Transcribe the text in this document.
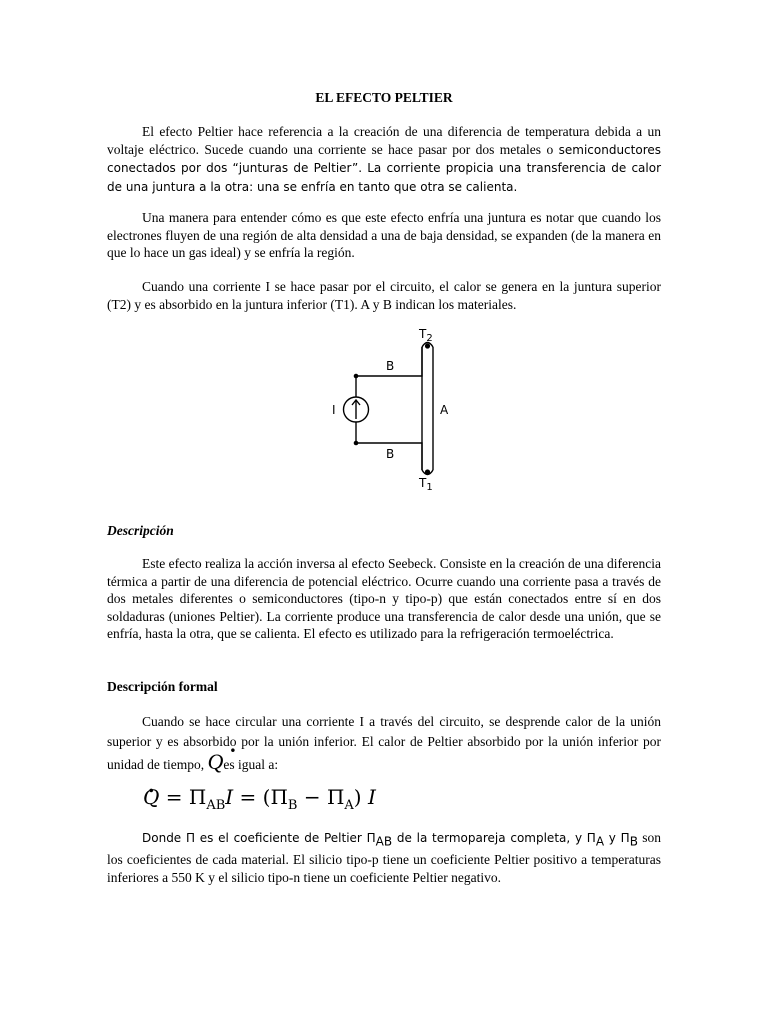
EL EFECTO PELTIER

El efecto Peltier hace referencia a la creación de una diferencia de temperatura debida a un voltaje eléctrico. Sucede cuando una corriente se hace pasar por dos metales o semiconductores conectados por dos “junturas de Peltier”. La corriente propicia una transferencia de calor de una juntura a la otra: una se enfría en tanto que otra se calienta.

Una manera para entender cómo es que este efecto enfría una juntura es notar que cuando los electrones fluyen de una región de alta densidad a una de baja densidad, se expanden (de la manera en que lo hace un gas ideal) y se enfría la región.

Cuando una corriente I se hace pasar por el circuito, el calor se genera en la juntura superior (T2) y es absorbido en la juntura inferior (T1). A y B indican los materiales.

$T_2$
B
I	A
B
$T_1$
Descripción

Este efecto realiza la acción inversa al efecto Seebeck. Consiste en la creación de una diferencia térmica a partir de una diferencia de potencial eléctrico. Ocurre cuando una corriente pasa a través de dos metales diferentes o semiconductores (tipo-n y tipo-p) que están conectados entre sí en dos soldaduras (uniones Peltier). La corriente produce una transferencia de calor desde una unión, que se enfría, hasta la otra, que se calienta. El efecto es utilizado para la refrigeración termoeléctrica.

Descripción formal

Cuando se hace circular una corriente I a través del circuito, se desprende calor de la unión superior y es absorbido por la unión inferior. El calor de Peltier absorbido por la unión inferior por unidad de tiempo, . Qes igual a:

. $Q = \Pi_{AB}I = (\Pi_B - \Pi_A)$ I

Donde Π es el coeficiente de Peltier $\Pi_{AB}$ de la termopareja completa, y $\Pi_A$ y $\Pi_B$ son los coeficientes de cada material. El silicio tipo-p tiene un coeficiente Peltier positivo a temperaturas inferiores a 550 K y el silicio tipo-n tiene un coeficiente Peltier negativo.
